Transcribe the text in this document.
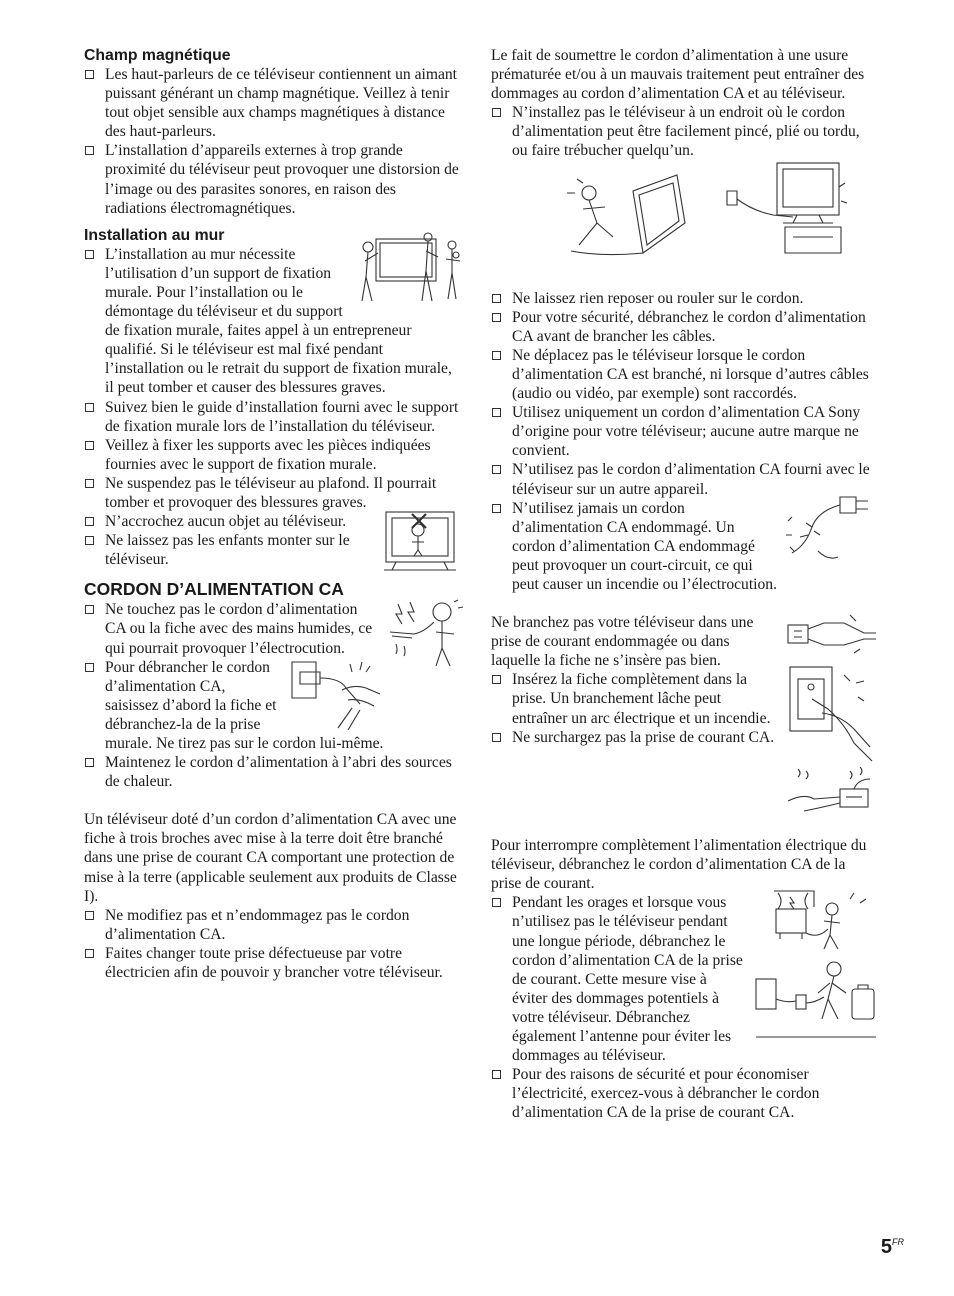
Champ magnétique
Les haut-parleurs de ce téléviseur contiennent un aimant puissant générant un champ magnétique. Veillez à tenir tout objet sensible aux champs magnétiques à distance des haut-parleurs.
L’installation d’appareils externes à trop grande proximité du téléviseur peut provoquer une distorsion de l’image ou des parasites sonores, en raison des radiations électromagnétiques.
Installation au mur
L’installation au mur nécessite l’utilisation d’un support de fixation murale. Pour l’installation ou le démontage du téléviseur et du support de fixation murale, faites appel à un entrepreneur qualifié. Si le téléviseur est mal fixé pendant l’installation ou le retrait du support de fixation murale, il peut tomber et causer des blessures graves.
Suivez bien le guide d’installation fourni avec le support de fixation murale lors de l’installation du téléviseur.
Veillez à fixer les supports avec les pièces indiquées fournies avec le support de fixation murale.
Ne suspendez pas le téléviseur au plafond. Il pourrait tomber et provoquer des blessures graves.
N’accrochez aucun objet au téléviseur.
Ne laissez pas les enfants monter sur le téléviseur.
CORDON D’ALIMENTATION CA
Ne touchez pas le cordon d’alimentation CA ou la fiche avec des mains humides, ce qui pourrait provoquer l’électrocution.
Pour débrancher le cordon d’alimentation CA, saisissez d’abord la fiche et débranchez-la de la prise murale. Ne tirez pas sur le cordon lui-même.
Maintenez le cordon d’alimentation à l’abri des sources de chaleur.

Un téléviseur doté d’un cordon d’alimentation CA avec une fiche à trois broches avec mise à la terre doit être branché dans une prise de courant CA comportant une protection de mise à la terre (applicable seulement aux produits de Classe I).

Ne modifiez pas et n’endommagez pas le cordon d’alimentation CA.
Faites changer toute prise défectueuse par votre électricien afin de pouvoir y brancher votre téléviseur.

Le fait de soumettre le cordon d’alimentation à une usure prématurée et/ou à un mauvais traitement peut entraîner des dommages au cordon d’alimentation CA et au téléviseur.

N’installez pas le téléviseur à un endroit où le cordon d’alimentation peut être facilement pincé, plié ou tordu, ou faire trébucher quelqu’un.
Ne laissez rien reposer ou rouler sur le cordon.
Pour votre sécurité, débranchez le cordon d’alimentation CA avant de brancher les câbles.
Ne déplacez pas le téléviseur lorsque le cordon d’alimentation CA est branché, ni lorsque d’autres câbles (audio ou vidéo, par exemple) sont raccordés.
Utilisez uniquement un cordon d’alimentation CA Sony d’origine pour votre téléviseur; aucune autre marque ne convient.
N’utilisez pas le cordon d’alimentation CA fourni avec le téléviseur sur un autre appareil.
N’utilisez jamais un cordon d’alimentation CA endommagé. Un cordon d’alimentation CA endommagé peut provoquer un court-circuit, ce qui peut causer un incendie ou l’électrocution.

Ne branchez pas votre téléviseur dans une prise de courant endommagée ou dans laquelle la fiche ne s’insère pas bien.

Insérez la fiche complètement dans la prise. Un branchement lâche peut entraîner un arc électrique et un incendie.
Ne surchargez pas la prise de courant CA.

Pour interrompre complètement l’alimentation électrique du téléviseur, débranchez le cordon d’alimentation CA de la prise de courant.

Pendant les orages et lorsque vous n’utilisez pas le téléviseur pendant une longue période, débranchez le cordon d’alimentation CA de la prise de courant. Cette mesure vise à éviter des dommages potentiels à votre téléviseur. Débranchez également l’antenne pour éviter les dommages au téléviseur.
Pour des raisons de sécurité et pour économiser l’électricité, exercez-vous à débrancher le cordon d’alimentation CA de la prise de courant CA.
$5^{FR}$
